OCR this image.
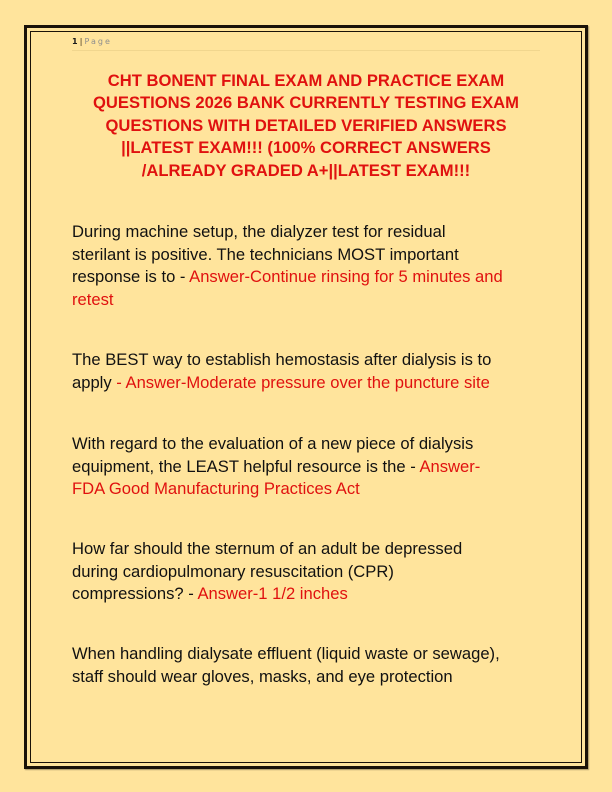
1 | Page
CHT BONENT FINAL EXAM AND PRACTICE EXAM
QUESTIONS 2026 BANK CURRENTLY TESTING EXAM
QUESTIONS WITH DETAILED VERIFIED ANSWERS
||LATEST EXAM!!! (100% CORRECT ANSWERS
/ALREADY GRADED A+||LATEST EXAM!!!
During machine setup, the dialyzer test for residual
sterilant is positive. The technicians MOST important
response is to - Answer-Continue rinsing for 5 minutes and
retest
The BEST way to establish hemostasis after dialysis is to
apply - Answer-Moderate pressure over the puncture site
With regard to the evaluation of a new piece of dialysis
equipment, the LEAST helpful resource is the - Answer-
FDA Good Manufacturing Practices Act
How far should the sternum of an adult be depressed
during cardiopulmonary resuscitation (CPR)
compressions? - Answer-1 1/2 inches
When handling dialysate effluent (liquid waste or sewage),
staff should wear gloves, masks, and eye protection
